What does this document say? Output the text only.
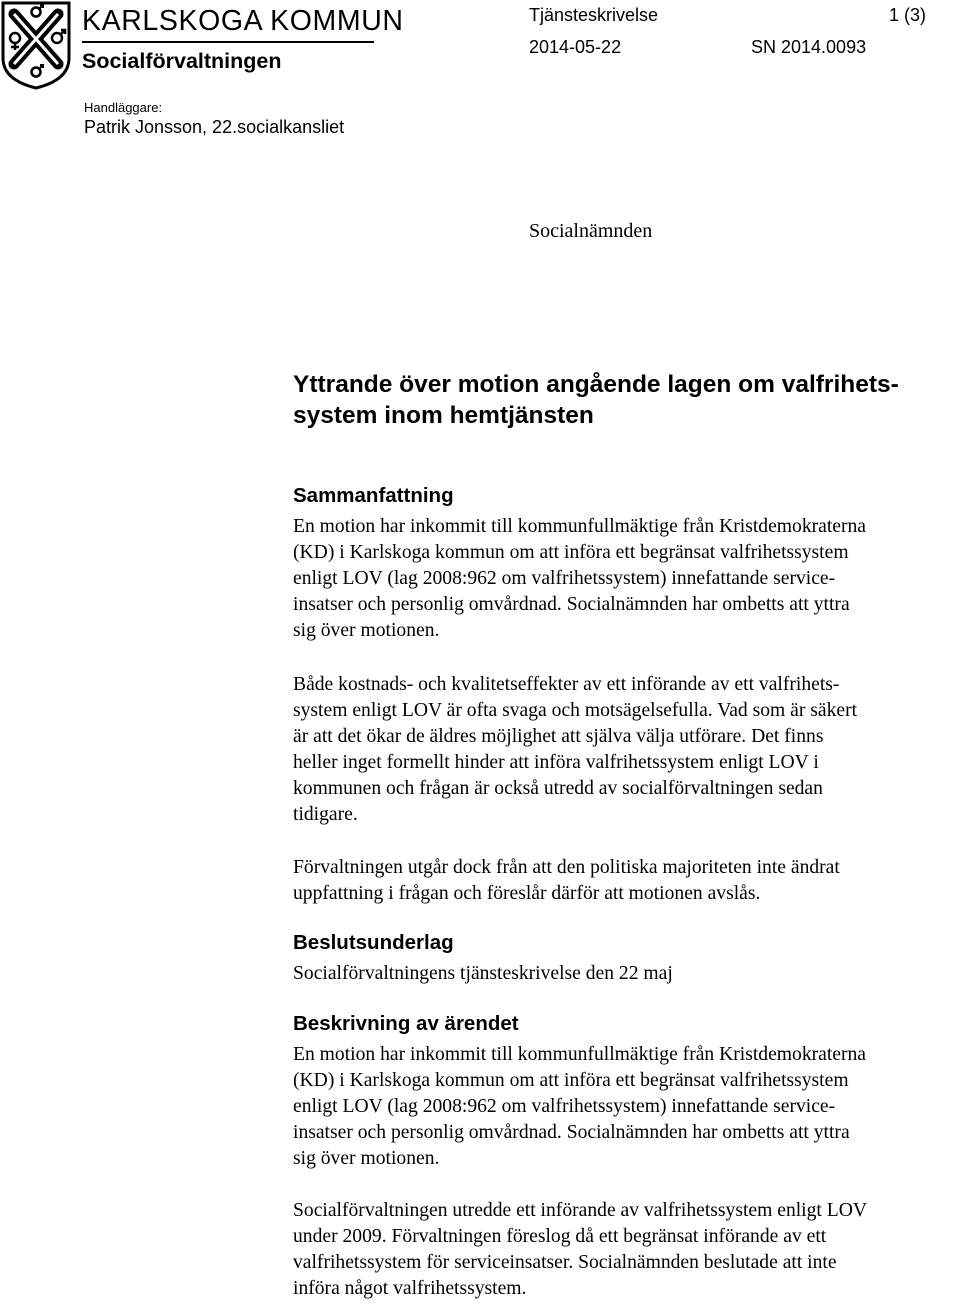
KARLSKOGA KOMMUN
Socialförvaltningen
Tjänsteskrivelse	1 (3)
2014-05-22	SN 2014.0093
Handläggare:
Patrik Jonsson, 22.socialkansliet
Socialnämnden
Yttrande över motion angående lagen om valfrihets-
system inom hemtjänsten
Sammanfattning

En motion har inkommit till kommunfullmäktige från Kristdemokraterna
(KD) i Karlskoga kommun om att införa ett begränsat valfrihetssystem
enligt LOV (lag 2008:962 om valfrihetssystem) innefattande service-
insatser och personlig omvårdnad. Socialnämnden har ombetts att yttra
sig över motionen.

Både kostnads- och kvalitetseffekter av ett införande av ett valfrihets-
system enligt LOV är ofta svaga och motsägelsefulla. Vad som är säkert
är att det ökar de äldres möjlighet att själva välja utförare. Det finns
heller inget formellt hinder att införa valfrihetssystem enligt LOV i
kommunen och frågan är också utredd av socialförvaltningen sedan
tidigare.

Förvaltningen utgår dock från att den politiska majoriteten inte ändrat
uppfattning i frågan och föreslår därför att motionen avslås.

Beslutsunderlag

Socialförvaltningens tjänsteskrivelse den 22 maj

Beskrivning av ärendet

En motion har inkommit till kommunfullmäktige från Kristdemokraterna
(KD) i Karlskoga kommun om att införa ett begränsat valfrihetssystem
enligt LOV (lag 2008:962 om valfrihetssystem) innefattande service-
insatser och personlig omvårdnad. Socialnämnden har ombetts att yttra
sig över motionen.

Socialförvaltningen utredde ett införande av valfrihetssystem enligt LOV
under 2009. Förvaltningen föreslog då ett begränsat införande av ett
valfrihetssystem för serviceinsatser. Socialnämnden beslutade att inte
införa något valfrihetssystem.
